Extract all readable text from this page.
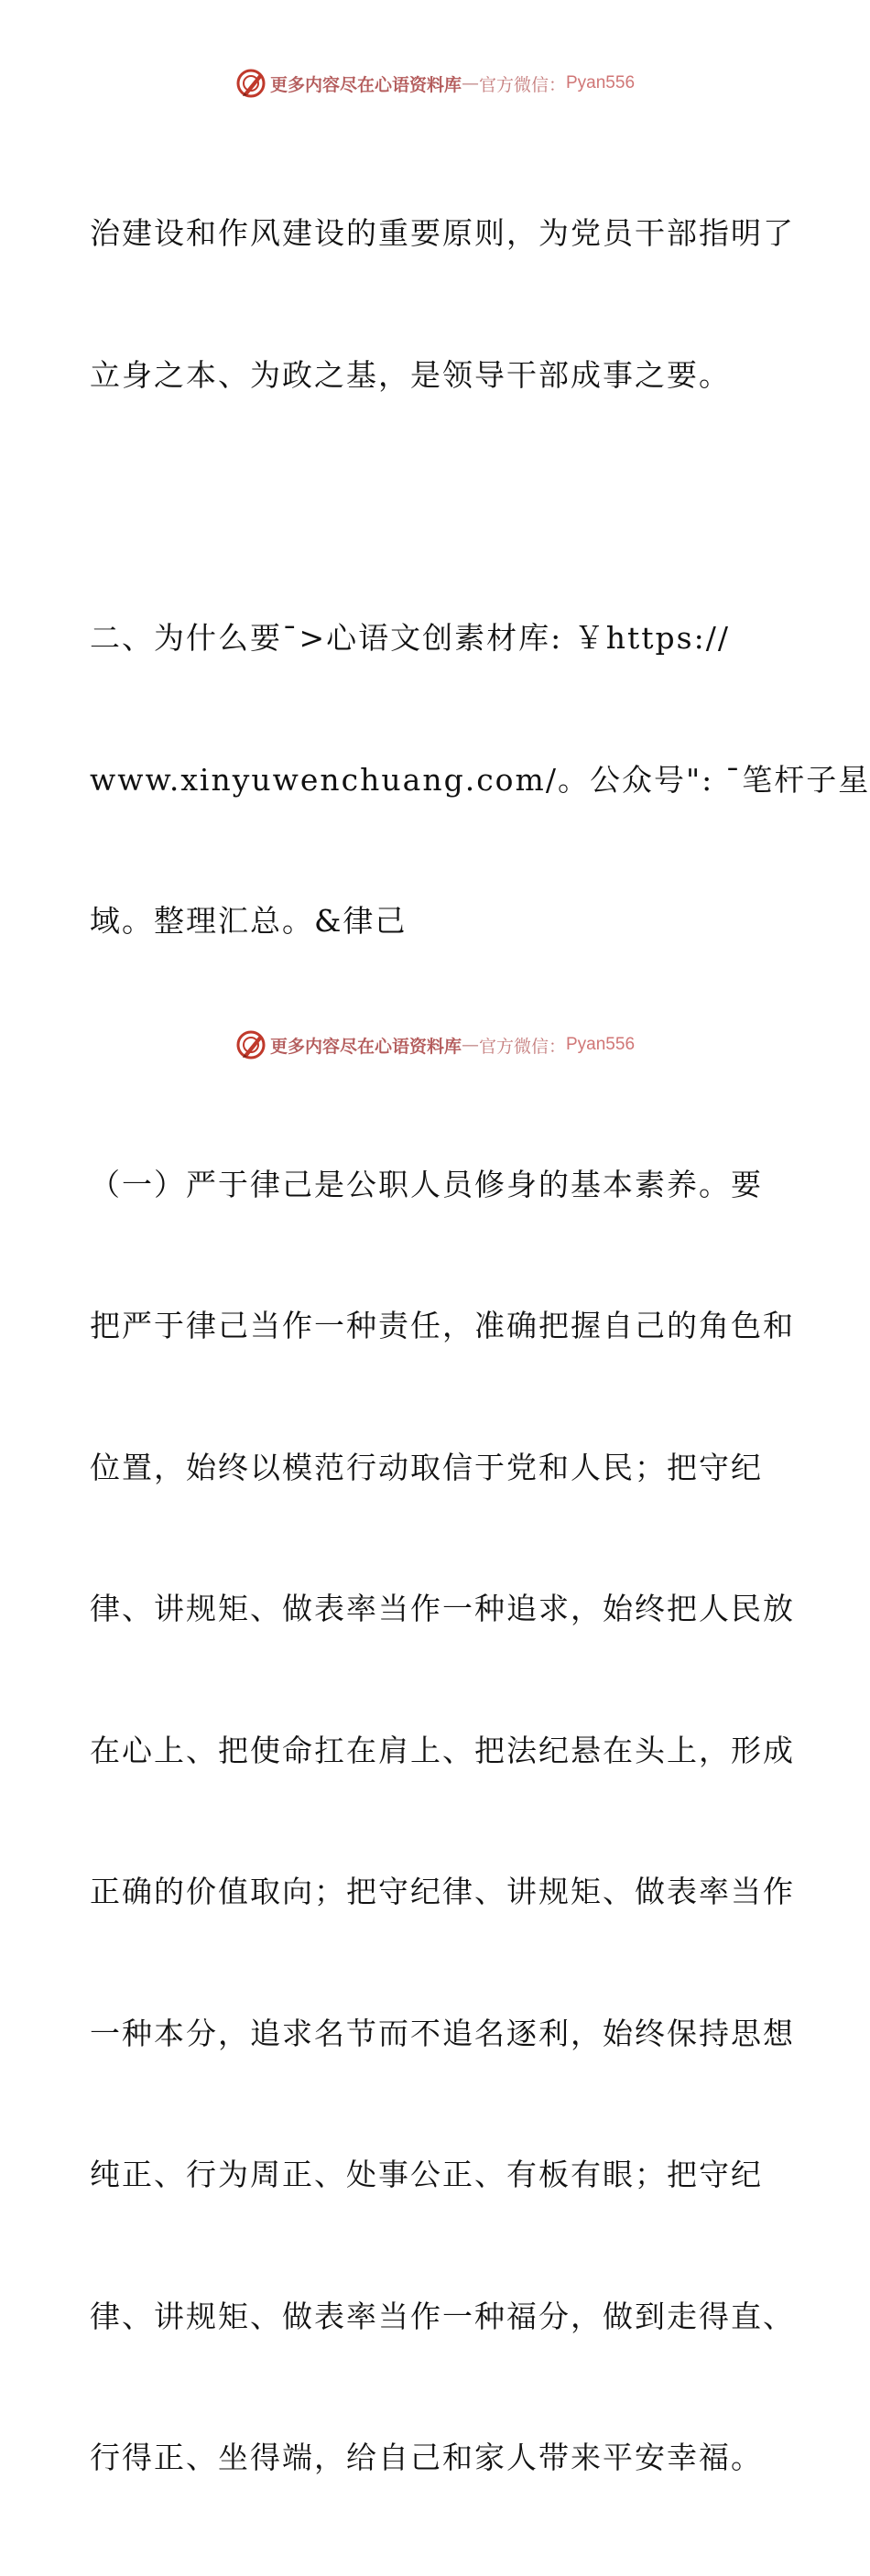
更多内容尽在心语资料库 — 官方微信： Pyan556

治建设和作风建设的重要原则，为党员干部指明了

立身之本、为政之基，是领导干部成事之要。

二、为什么要¯>心语文创素材库: ￥https://

www.xinyuwenchuang.com/。公众号": ¯笔杆子星

域。整理汇总。&律己

（一）严于律己是公职人员修身的基本素养。要

把严于律己当作一种责任，准确把握自己的角色和

位置，始终以模范行动取信于党和人民；把守纪

律、讲规矩、做表率当作一种追求，始终把人民放

在心上、把使命扛在肩上、把法纪悬在头上，形成

正确的价值取向；把守纪律、讲规矩、做表率当作

一种本分，追求名节而不追名逐利，始终保持思想

纯正、行为周正、处事公正、有板有眼；把守纪

律、讲规矩、做表率当作一种福分，做到走得直、

行得正、坐得端，给自己和家人带来平安幸福。

更多内容尽在心语资料库 — 官方微信： Pyan556
